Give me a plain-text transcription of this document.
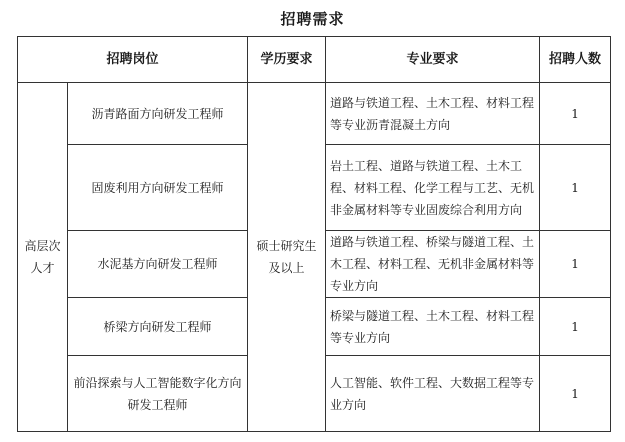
招聘需求
招聘岗位		学历要求	专业要求	招聘人数
高层次人才	沥青路面方向研发工程师	硕士研究生及以上	道路与铁道工程、土木工程、材料工程等专业沥青混凝土方向	1
	固废利用方向研发工程师		岩土工程、道路与铁道工程、土木工程、材料工程、化学工程与工艺、无机非金属材料等专业固废综合利用方向	1
	水泥基方向研发工程师		道路与铁道工程、桥梁与隧道工程、土木工程、材料工程、无机非金属材料等专业方向	1
	桥梁方向研发工程师		桥梁与隧道工程、土木工程、材料工程等专业方向	1
	前沿探索与人工智能数字化方向研发工程师		人工智能、软件工程、大数据工程等专业方向	1
